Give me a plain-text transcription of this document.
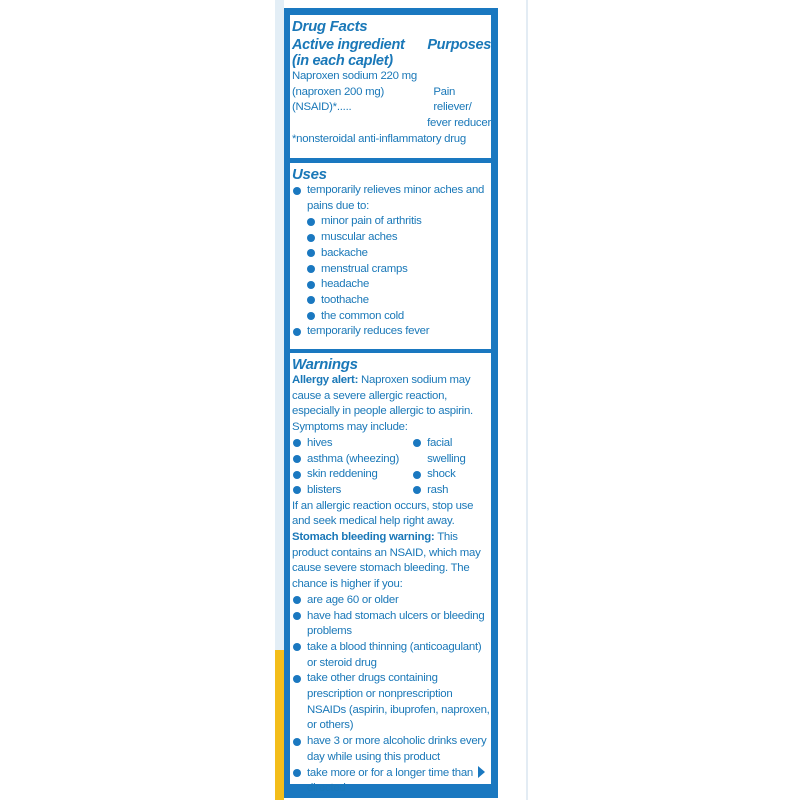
Drug Facts
Active ingredient
(in each caplet)
Purposes
Naproxen sodium 220 mg
(naproxen 200 mg) (NSAID)*.....
Pain reliever/
fever reducer
*nonsteroidal anti-inflammatory drug
Uses
temporarily relieves minor aches and pains due to:
minor pain of arthritis
muscular aches
backache
menstrual cramps
headache
toothache
the common cold
temporarily reduces fever
Warnings
Allergy alert: Naproxen sodium may cause a severe allergic reaction, especially in people allergic to aspirin. Symptoms may include:
hives
asthma (wheezing)
skin reddening
blisters
facial swelling
shock
rash
If an allergic reaction occurs, stop use and seek medical help right away.
Stomach bleeding warning: This product contains an NSAID, which may cause severe stomach bleeding. The chance is higher if you:
are age 60 or older
have had stomach ulcers or bleeding problems
take a blood thinning (anticoagulant) or steroid drug
take other drugs containing prescription or nonprescription NSAIDs (aspirin, ibuprofen, naproxen, or others)
have 3 or more alcoholic drinks every day while using this product
take more or for a longer time than directed
